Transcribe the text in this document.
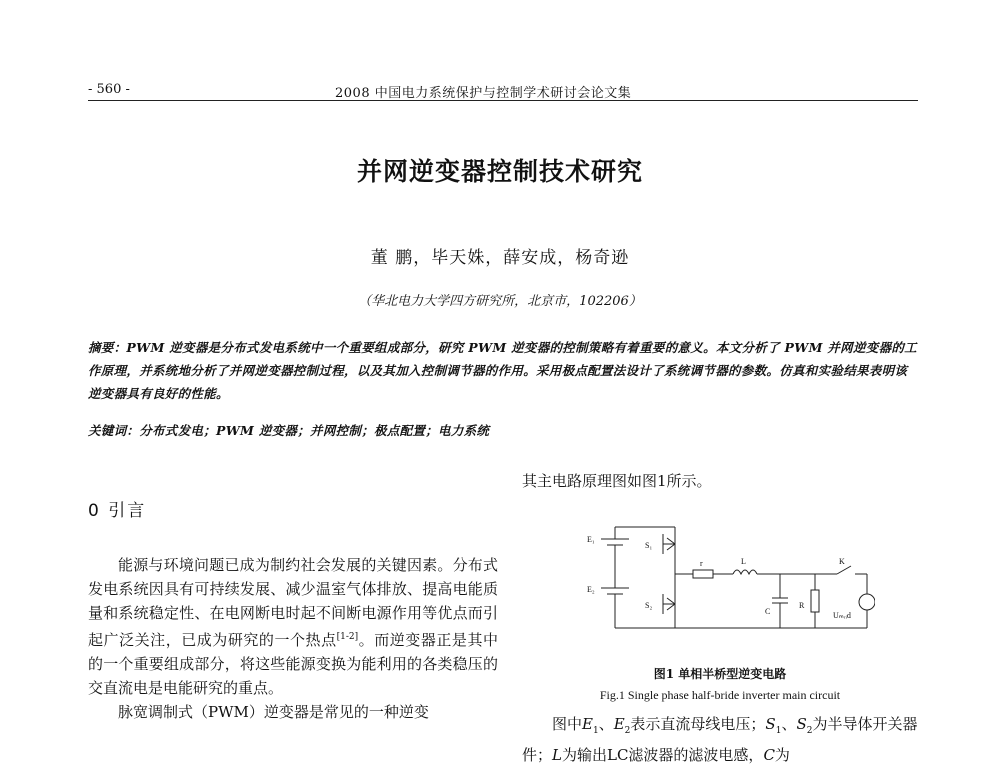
- 560 -	2008 中国电力系统保护与控制学术研讨会论文集
并网逆变器控制技术研究
董 鹏，毕天姝，薛安成，杨奇逊
（华北电力大学四方研究所，北京市，102206）
摘要：PWM 逆变器是分布式发电系统中一个重要组成部分，研究 PWM 逆变器的控制策略有着重要的意义。本文分析了 PWM 并网逆变器的工作原理，并系统地分析了并网逆变器控制过程，以及其加入控制调节器的作用。采用极点配置法设计了系统调节器的参数。仿真和实验结果表明该逆变器具有良好的性能。
关键词：分布式发电；PWM 逆变器；并网控制；极点配置；电力系统
0 引言

能源与环境问题已成为制约社会发展的关键因素。分布式发电系统因具有可持续发展、减少温室气体排放、提高电能质量和系统稳定性、在电网断电时起不间断电源作用等优点而引起广泛关注，已成为研究的一个热点[1-2]。而逆变器正是其中的一个重要组成部分，将这些能源变换为能利用的各类稳压的交直流电是电能研究的重点。

脉宽调制式（PWM）逆变器是常见的一种逆变

其主电路原理图如图1所示。
E₁
E₂
S₁
S₂
r	L
C
R
K
Uₘᵣᵢd
图1 单相半桥型逆变电路
Fig.1 Single phase half-bride inverter main circuit

图中$E_1$、$E_2$表示直流母线电压；$S_1$、$S_2$为半导体开关器件；L为输出LC滤波器的滤波电感，C为
